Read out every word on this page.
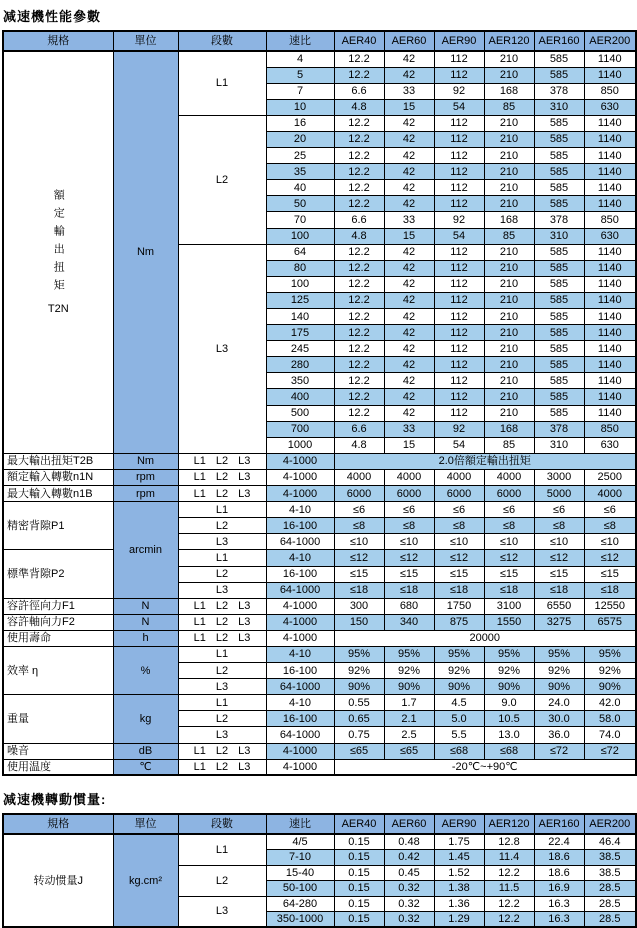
减速機性能參數
規格	單位	段數	速比	AER40	AER60	AER90	AER120	AER160	AER200

額定輸出扭矩
T2N	Nm	L1	4	12.2	42	112	210	585	1140
			5	12.2	42	112	210	585	1140
			7	6.6	33	92	168	378	850
			10	4.8	15	54	85	310	630
		L2	16	12.2	42	112	210	585	1140
			20	12.2	42	112	210	585	1140
			25	12.2	42	112	210	585	1140
			35	12.2	42	112	210	585	1140
			40	12.2	42	112	210	585	1140
			50	12.2	42	112	210	585	1140
			70	6.6	33	92	168	378	850
			100	4.8	15	54	85	310	630
		L3	64	12.2	42	112	210	585	1140
			80	12.2	42	112	210	585	1140
			100	12.2	42	112	210	585	1140
			125	12.2	42	112	210	585	1140
			140	12.2	42	112	210	585	1140
			175	12.2	42	112	210	585	1140
			245	12.2	42	112	210	585	1140
			280	12.2	42	112	210	585	1140
			350	12.2	42	112	210	585	1140
			400	12.2	42	112	210	585	1140
			500	12.2	42	112	210	585	1140
			700	6.6	33	92	168	378	850
			1000	4.8	15	54	85	310	630
最大輸出扭矩T2B	Nm	L1 L2 L3	4-1000	2.0倍額定輸出扭矩					
額定輸入轉數n1N	rpm	L1 L2 L3	4-1000	4000	4000	4000	4000	3000	2500
最大輸入轉數n1B	rpm	L1 L2 L3	4-1000	6000	6000	6000	6000	5000	4000
精密背隙P1	arcmin	L1	4-10	≤6	≤6	≤6	≤6	≤6	≤6
		L2	16-100	≤8	≤8	≤8	≤8	≤8	≤8
		L3	64-1000	≤10	≤10	≤10	≤10	≤10	≤10
標準背隙P2		L1	4-10	≤12	≤12	≤12	≤12	≤12	≤12
		L2	16-100	≤15	≤15	≤15	≤15	≤15	≤15
		L3	64-1000	≤18	≤18	≤18	≤18	≤18	≤18
容許徑向力F1	N	L1 L2 L3	4-1000	300	680	1750	3100	6550	12550
容許軸向力F2	N	L1 L2 L3	4-1000	150	340	875	1550	3275	6575
使用壽命	h	L1 L2 L3	4-1000	20000					
效率 η	%	L1	4-10	95%	95%	95%	95%	95%	95%
		L2	16-100	92%	92%	92%	92%	92%	92%
		L3	64-1000	90%	90%	90%	90%	90%	90%
重量	kg	L1	4-10	0.55	1.7	4.5	9.0	24.0	42.0
		L2	16-100	0.65	2.1	5.0	10.5	30.0	58.0
		L3	64-1000	0.75	2.5	5.5	13.0	36.0	74.0
噪音	dB	L1 L2 L3	4-1000	≤65	≤65	≤68	≤68	≤72	≤72
使用温度	℃	L1 L2 L3	4-1000	-20℃~+90℃					
减速機轉動慣量:
規格	單位	段數	速比	AER40	AER60	AER90	AER120	AER160	AER200
转动惯量J	kg.cm²	L1	4/5	0.15	0.48	1.75	12.8	22.4	46.4
			7-10	0.15	0.42	1.45	11.4	18.6	38.5
		L2	15-40	0.15	0.45	1.52	12.2	18.6	38.5
			50-100	0.15	0.32	1.38	11.5	16.9	28.5
		L3	64-280	0.15	0.32	1.36	12.2	16.3	28.5
			350-1000	0.15	0.32	1.29	12.2	16.3	28.5
